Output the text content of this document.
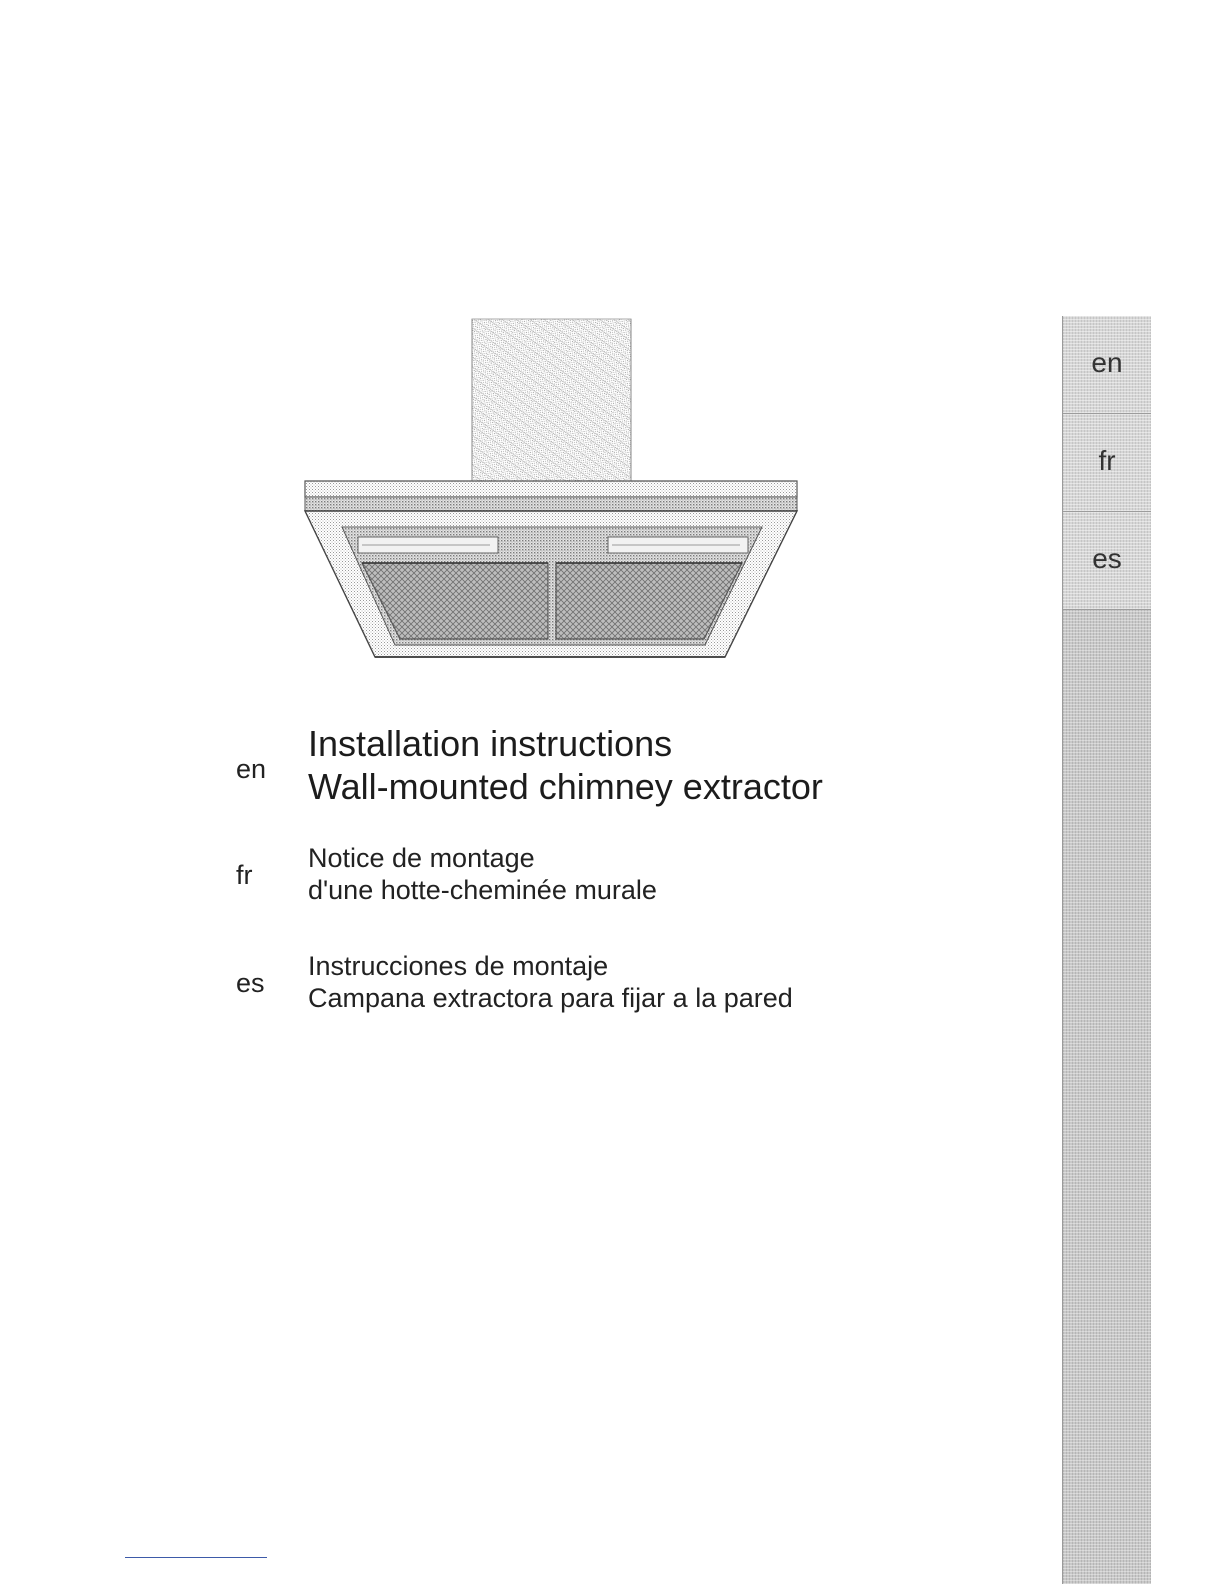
en
fr
es
en
Installation instructions
Wall-mounted chimney extractor
fr
Notice de montage
d'une hotte-cheminée murale
es
Instrucciones de montaje
Campana extractora para fijar a la pared
